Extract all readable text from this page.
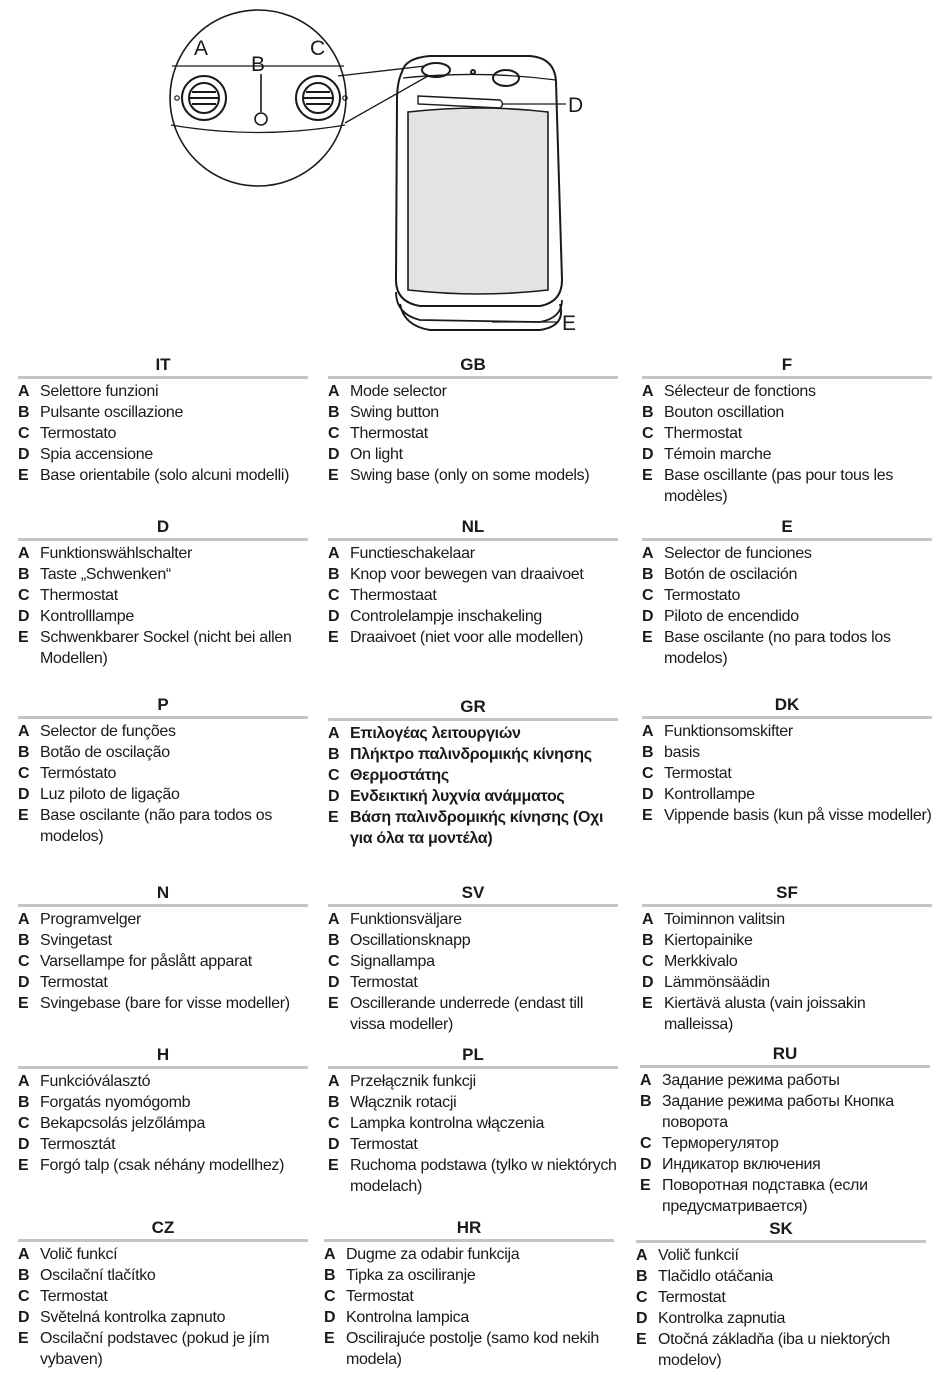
A
B
C
D
E
IT
A Selettore funzioni
B Pulsante oscillazione
C Termostato
D Spia accensione
E Base orientabile (solo alcuni modelli)
GB
A Mode selector
B Swing button
C Thermostat
D On light
E Swing base (only on some models)
F
A Sélecteur de fonctions
B Bouton oscillation
C Thermostat
D Témoin marche
E Base oscillante (pas pour tous les modèles)
D
A Funktionswählschalter
B Taste „Schwenken“
C Thermostat
D Kontrolllampe
E Schwenkbarer Sockel (nicht bei allen Modellen)
NL
A Functieschakelaar
B Knop voor bewegen van draaivoet
C Thermostaat
D Controlelampje inschakeling
E Draaivoet (niet voor alle modellen)
E
A Selector de funciones
B Botón de oscilación
C Termostato
D Piloto de encendido
E Base oscilante (no para todos los modelos)
P
A Selector de funções
B Botão de oscilação
C Termóstato
D Luz piloto de ligação
E Base oscilante (não para todos os modelos)
GR
A Επιλογέας λειτουργιών
B Πλήκτρο παλινδρομικής κίνησης
C Θερμοστάτης
D Ενδεικτική λυχνία ανάμματος
E Βάση παλινδρομικής κίνησης (Οχι για όλα τα μοντέλα)
DK
A Funktionsomskifter
B basis
C Termostat
D Kontrollampe
E Vippende basis (kun på visse modeller)
N
A Programvelger
B Svingetast
C Varsellampe for påslått apparat
D Termostat
E Svingebase (bare for visse modeller)
SV
A Funktionsväljare
B Oscillationsknapp
C Signallampa
D Termostat
E Oscillerande underrede (endast till vissa modeller)
SF
A Toiminnon valitsin
B Kiertopainike
C Merkkivalo
D Lämmönsäädin
E Kiertävä alusta (vain joissakin malleissa)
H
A Funkcióválasztó
B Forgatás nyomógomb
C Bekapcsolás jelzőlámpa
D Termosztát
E Forgó talp (csak néhány modellhez)
PL
A Przełącznik funkcji
B Włącznik rotacji
C Lampka kontrolna włączenia
D Termostat
E Ruchoma podstawa (tylko w niektórych modelach)
RU
A Задание режима работы
B Задание режима работы Кнопка поворота
C Терморегулятор
D Индикатор включения
E Поворотная подставка (если предусматривается)
CZ
A Volič funkcí
B Oscilační tlačítko
C Termostat
D Světelná kontrolka zapnuto
E Oscilační podstavec (pokud je jím vybaven)
HR
A Dugme za odabir funkcija
B Tipka za osciliranje
C Termostat
D Kontrolna lampica
E Oscilirajuće postolje (samo kod nekih modela)
SK
A Volič funkcií
B Tlačidlo otáčania
C Termostat
D Kontrolka zapnutia
E Otočná základňa (iba u niektorých modelov)
